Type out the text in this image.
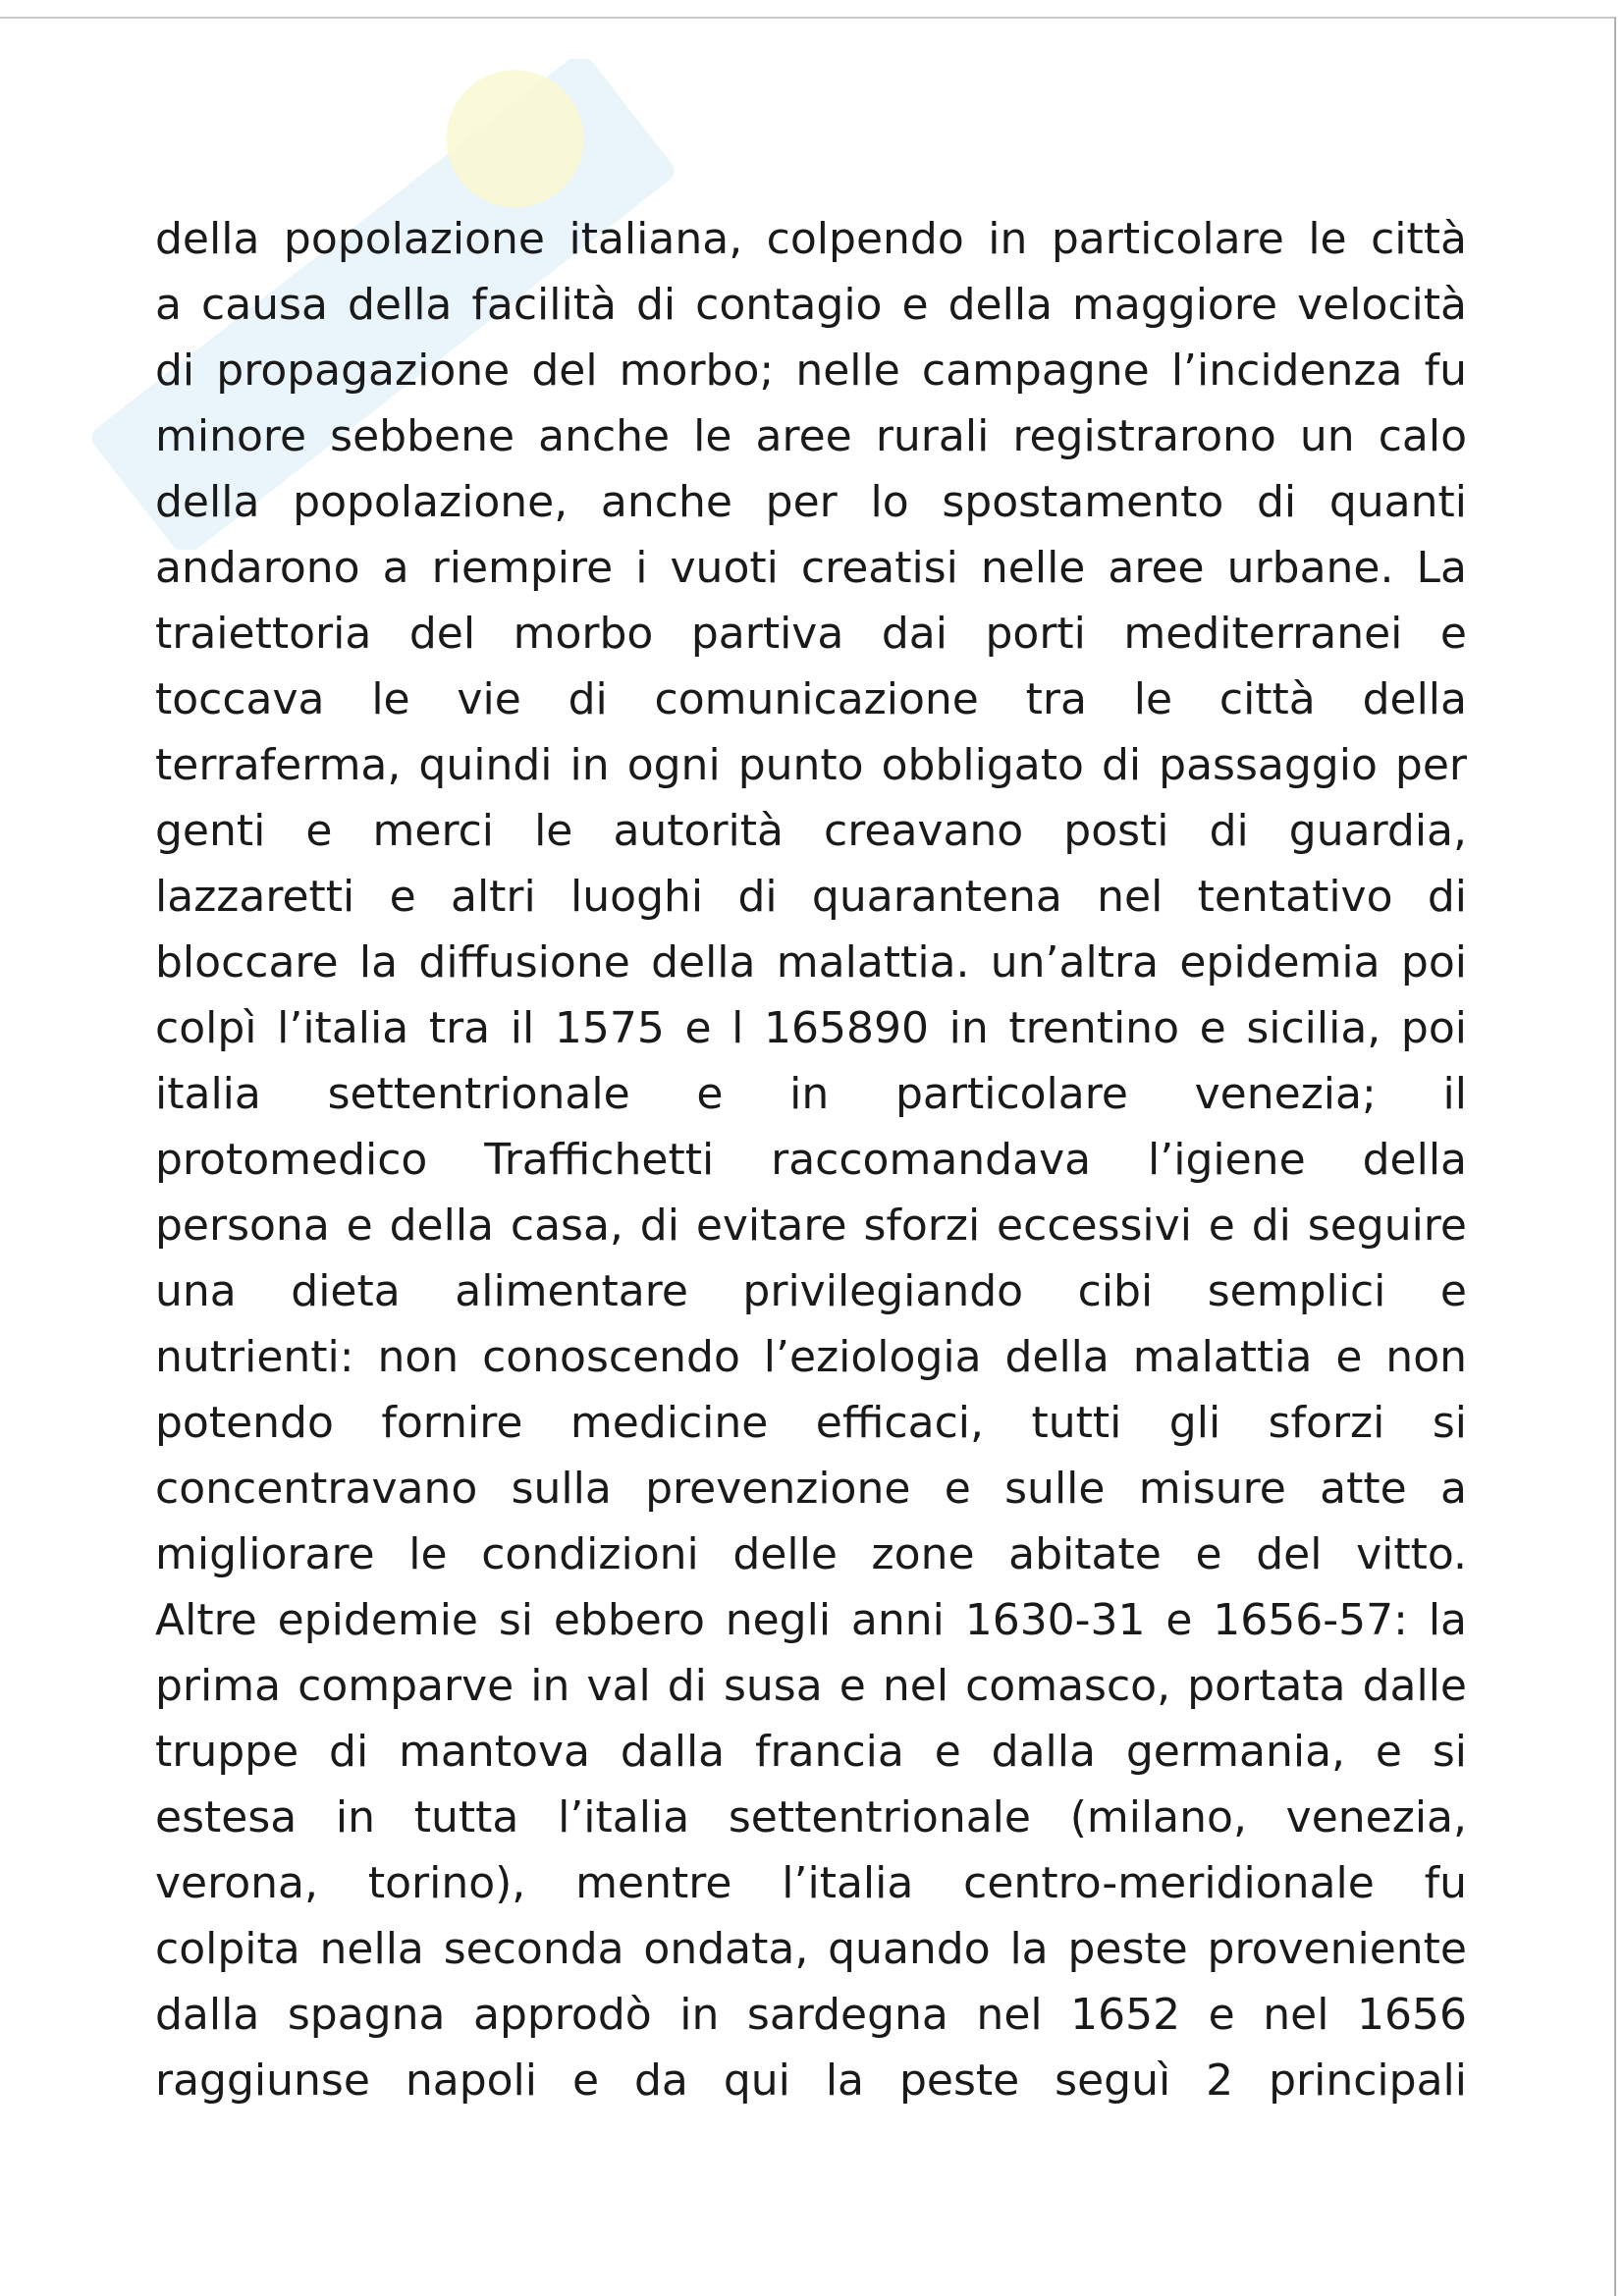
della popolazione italiana, colpendo in particolare le città
a causa della facilità di contagio e della maggiore velocità
di propagazione del morbo; nelle campagne l’incidenza fu
minore sebbene anche le aree rurali registrarono un calo
della popolazione, anche per lo spostamento di quanti
andarono a riempire i vuoti creatisi nelle aree urbane. La
traiettoria del morbo partiva dai porti mediterranei e
toccava le vie di comunicazione tra le città della
terraferma, quindi in ogni punto obbligato di passaggio per
genti e merci le autorità creavano posti di guardia,
lazzaretti e altri luoghi di quarantena nel tentativo di
bloccare la diffusione della malattia. un’altra epidemia poi
colpì l’italia tra il 1575 e l 165890 in trentino e sicilia, poi
italia settentrionale e in particolare venezia; il
protomedico Traffichetti raccomandava l’igiene della
persona e della casa, di evitare sforzi eccessivi e di seguire
una dieta alimentare privilegiando cibi semplici e
nutrienti: non conoscendo l’eziologia della malattia e non
potendo fornire medicine efficaci, tutti gli sforzi si
concentravano sulla prevenzione e sulle misure atte a
migliorare le condizioni delle zone abitate e del vitto.
Altre epidemie si ebbero negli anni 1630-31 e 1656-57: la
prima comparve in val di susa e nel comasco, portata dalle
truppe di mantova dalla francia e dalla germania, e si
estesa in tutta l’italia settentrionale (milano, venezia,
verona, torino), mentre l’italia centro-meridionale fu
colpita nella seconda ondata, quando la peste proveniente
dalla spagna approdò in sardegna nel 1652 e nel 1656
raggiunse napoli e da qui la peste seguì 2 principali
